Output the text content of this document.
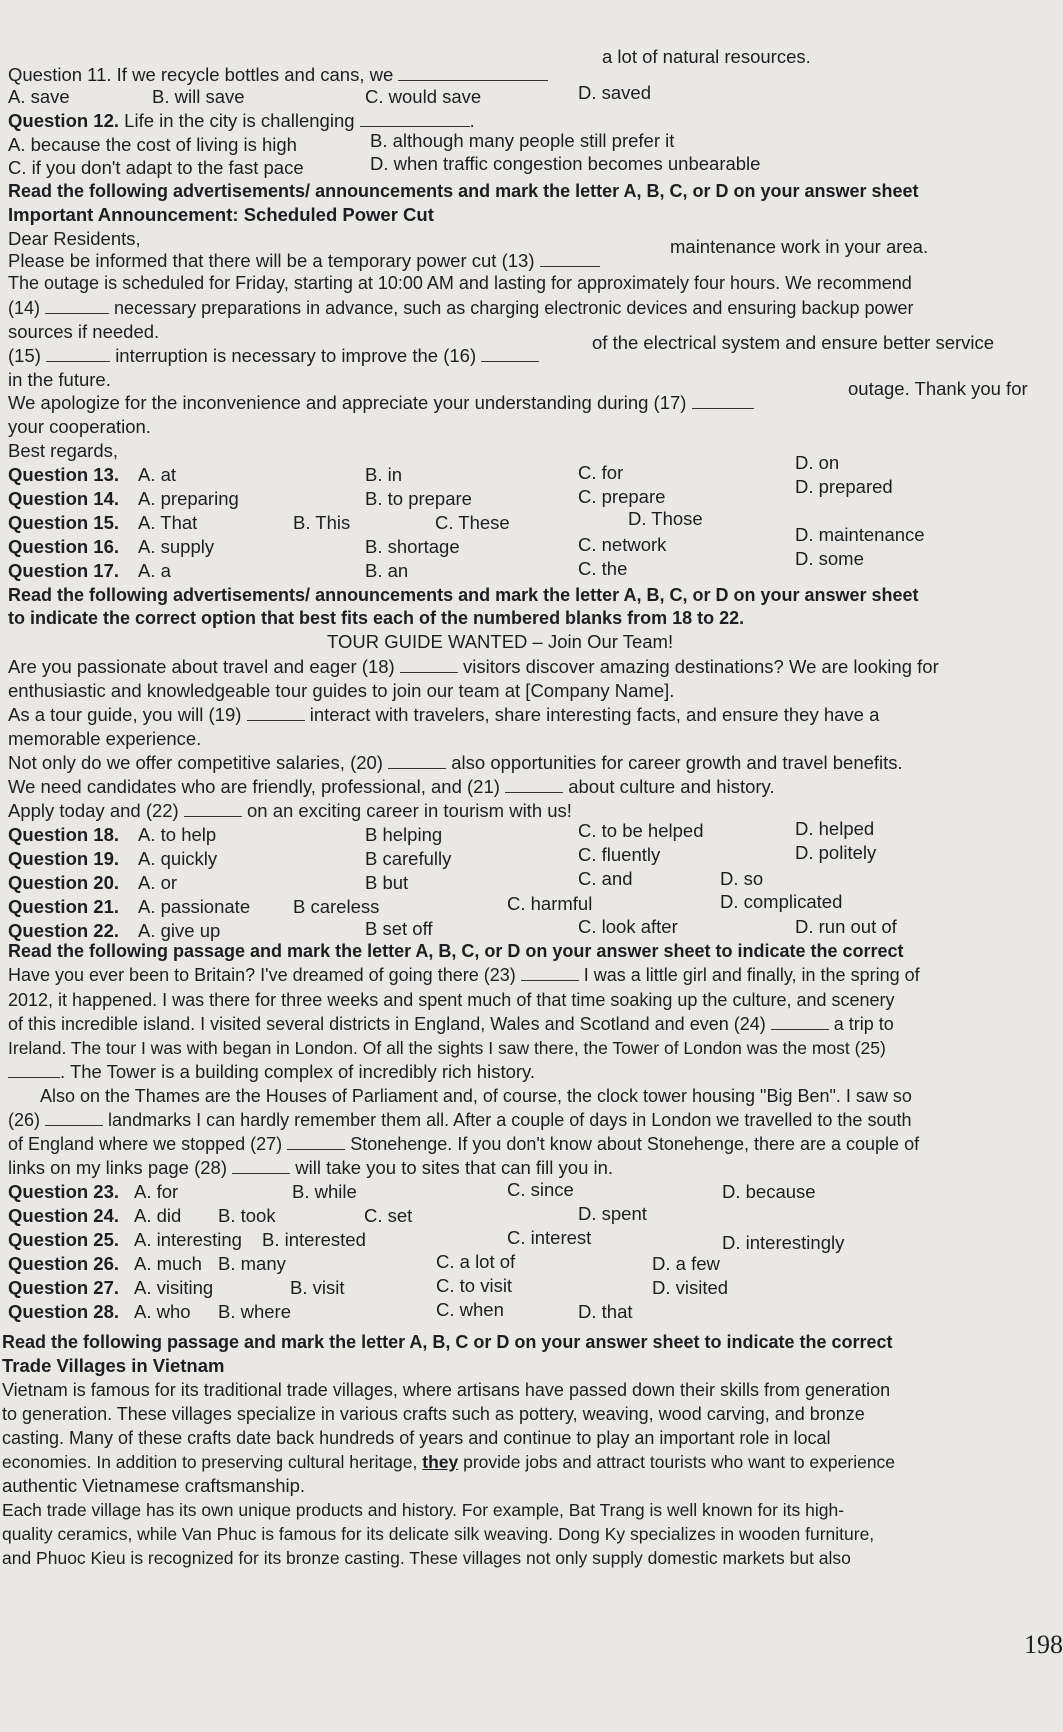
Question 11. If we recycle bottles and cans, we
a lot of natural resources.
A. save	B. will save	C. would save	D. saved
Question 12. Life in the city is challenging	.
A. because the cost of living is high	B. although many people still prefer it
C. if you don't adapt to the fast pace	D. when traffic congestion becomes unbearable
Read the following advertisements/ announcements and mark the letter A, B, C, or D on your answer sheet
Important Announcement: Scheduled Power Cut
Dear Residents,
Please be informed that there will be a temporary power cut (13)
maintenance work in your area.
The outage is scheduled for Friday, starting at 10:00 AM and lasting for approximately four hours. We recommend
(14)	necessary preparations in advance, such as charging electronic devices and ensuring backup power
sources if needed.
(15)	interruption is necessary to improve the (16)
of the electrical system and ensure better service
in the future.
We apologize for the inconvenience and appreciate your understanding during (17)
outage. Thank you for
your cooperation.
Best regards,
Question 13. A. at	B. in	C. for	D. on
Question 14. A. preparing	B. to prepare	C. prepare	D. prepared
Question 15. A. That	B. This	C. These	D. Those
Question 16. A. supply	B. shortage	C. network	D. maintenance
Question 17. A. a	B. an	C. the	D. some
Read the following advertisements/ announcements and mark the letter A, B, C, or D on your answer sheet
to indicate the correct option that best fits each of the numbered blanks from 18 to 22.
TOUR GUIDE WANTED – Join Our Team!
Are you passionate about travel and eager (18)	visitors discover amazing destinations? We are looking for
enthusiastic and knowledgeable tour guides to join our team at [Company Name].
As a tour guide, you will (19)	interact with travelers, share interesting facts, and ensure they have a
memorable experience.
Not only do we offer competitive salaries, (20)	also opportunities for career growth and travel benefits.
We need candidates who are friendly, professional, and (21)	about culture and history.
Apply today and (22)	on an exciting career in tourism with us!
Question 18. A. to help	B helping	C. to be helped	D. helped
Question 19. A. quickly	B carefully	C. fluently	D. politely
Question 20. A. or	B but	C. and	D. so
Question 21. A. passionate B careless	C. harmful	D. complicated
Question 22. A. give up	B set off	C. look after	D. run out of
Read the following passage and mark the letter A, B, C, or D on your answer sheet to indicate the correct
Have you ever been to Britain? I've dreamed of going there (23)	I was a little girl and finally, in the spring of
2012, it happened. I was there for three weeks and spent much of that time soaking up the culture, and scenery
of this incredible island. I visited several districts in England, Wales and Scotland and even (24)	a trip to
Ireland. The tour I was with began in London. Of all the sights I saw there, the Tower of London was the most (25)
. The Tower is a building complex of incredibly rich history.
Also on the Thames are the Houses of Parliament and, of course, the clock tower housing "Big Ben". I saw so
(26)	landmarks I can hardly remember them all. After a couple of days in London we travelled to the south
of England where we stopped (27)	Stonehenge. If you don't know about Stonehenge, there are a couple of
links on my links page (28)	will take you to sites that can fill you in.
Question 23. A. for	B. while	C. since	D. because
Question 24. A. did B. took	C. set	D. spent
Question 25. A. interesting B. interested	C. interest	D. interestingly
Question 26. A. much B. many	C. a lot of	D. a few
Question 27. A. visiting	B. visit	C. to visit	D. visited
Question 28. A. who B. where	C. when	D. that
Read the following passage and mark the letter A, B, C or D on your answer sheet to indicate the correct
Trade Villages in Vietnam
Vietnam is famous for its traditional trade villages, where artisans have passed down their skills from generation
to generation. These villages specialize in various crafts such as pottery, weaving, wood carving, and bronze
casting. Many of these crafts date back hundreds of years and continue to play an important role in local
economies. In addition to preserving cultural heritage, they provide jobs and attract tourists who want to experience
authentic Vietnamese craftsmanship.
Each trade village has its own unique products and history. For example, Bat Trang is well known for its high-
quality ceramics, while Van Phuc is famous for its delicate silk weaving. Dong Ky specializes in wooden furniture,
and Phuoc Kieu is recognized for its bronze casting. These villages not only supply domestic markets but also
198
